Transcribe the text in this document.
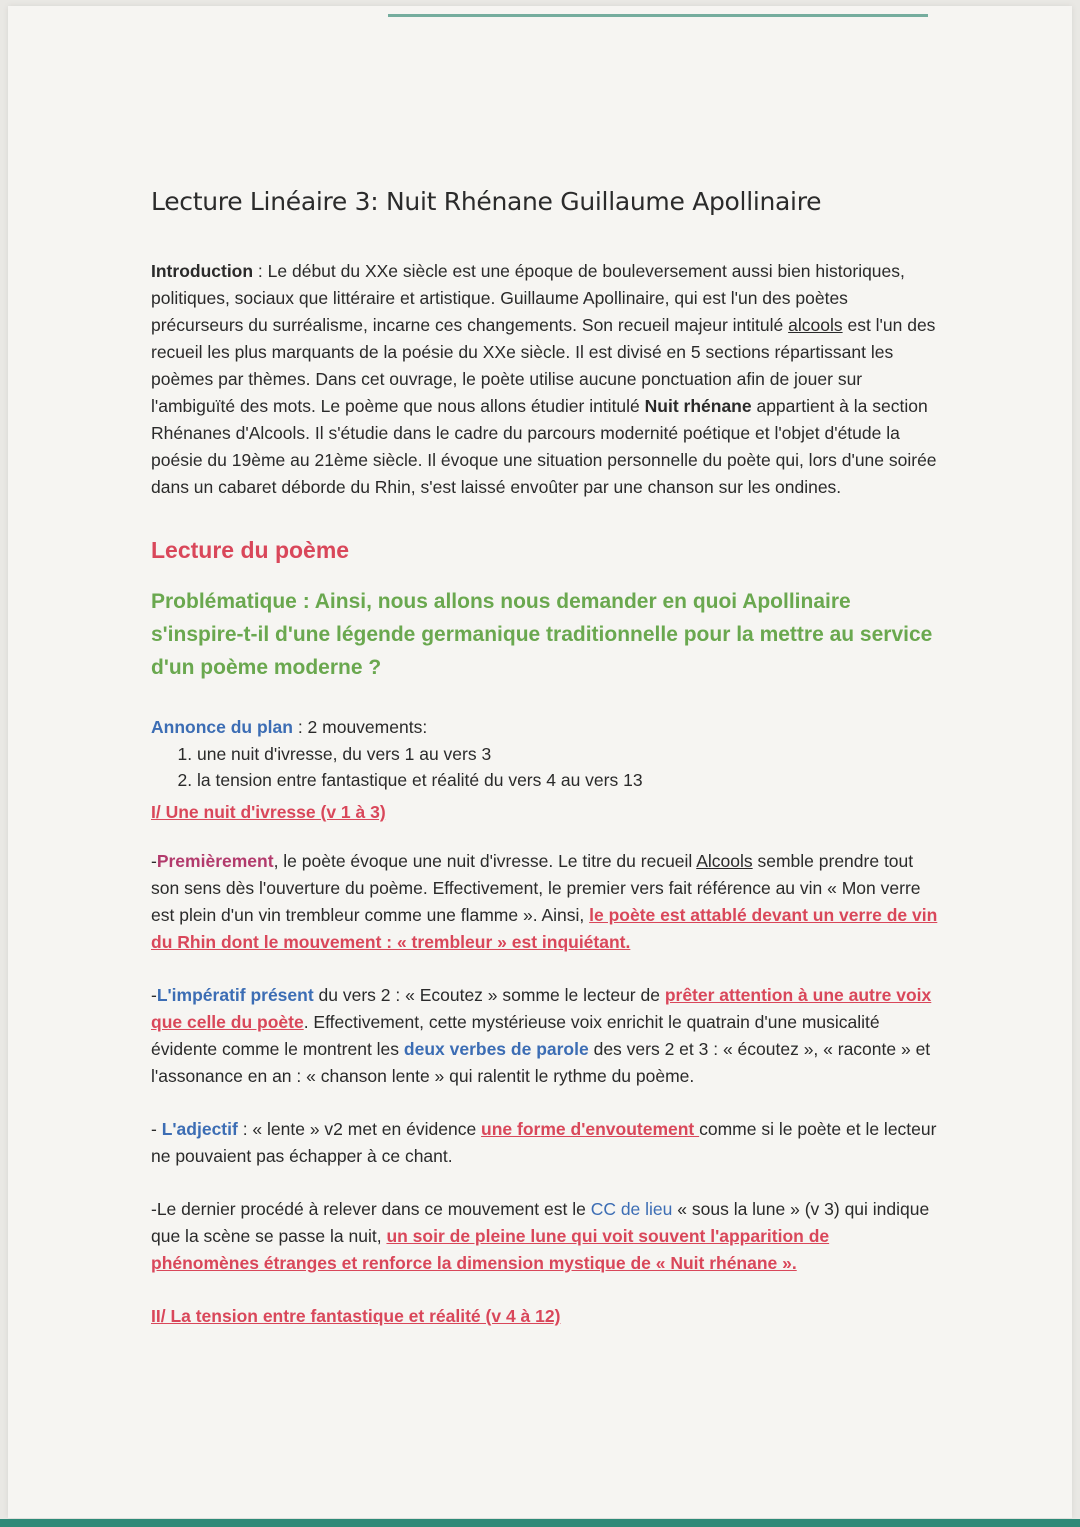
Lecture Linéaire 3: Nuit Rhénane Guillaume Apollinaire

Introduction : Le début du XXe siècle est une époque de bouleversement aussi bien historiques, politiques, sociaux que littéraire et artistique. Guillaume Apollinaire, qui est l'un des poètes précurseurs du surréalisme, incarne ces changements. Son recueil majeur intitulé alcools est l'un des recueil les plus marquants de la poésie du XXe siècle. Il est divisé en 5 sections répartissant les poèmes par thèmes. Dans cet ouvrage, le poète utilise aucune ponctuation afin de jouer sur l'ambiguïté des mots. Le poème que nous allons étudier intitulé Nuit rhénane appartient à la section Rhénanes d'Alcools. Il s'étudie dans le cadre du parcours modernité poétique et l'objet d'étude la poésie du 19ème au 21ème siècle. Il évoque une situation personnelle du poète qui, lors d'une soirée dans un cabaret déborde du Rhin, s'est laissé envoûter par une chanson sur les ondines.

Lecture du poème

Problématique : Ainsi, nous allons nous demander en quoi Apollinaire s'inspire-t-il d'une légende germanique traditionnelle pour la mettre au service d'un poème moderne ?

Annonce du plan : 2 mouvements:

1. une nuit d'ivresse, du vers 1 au vers 3
2. la tension entre fantastique et réalité du vers 4 au vers 13
I/ Une nuit d'ivresse (v 1 à 3)

-Premièrement, le poète évoque une nuit d'ivresse. Le titre du recueil Alcools semble prendre tout son sens dès l'ouverture du poème. Effectivement, le premier vers fait référence au vin « Mon verre est plein d'un vin trembleur comme une flamme ». Ainsi, le poète est attablé devant un verre de vin du Rhin dont le mouvement : « trembleur » est inquiétant.

-L'impératif présent du vers 2 : « Ecoutez » somme le lecteur de prêter attention à une autre voix que celle du poète. Effectivement, cette mystérieuse voix enrichit le quatrain d'une musicalité évidente comme le montrent les deux verbes de parole des vers 2 et 3 : « écoutez », « raconte » et l'assonance en an : « chanson lente » qui ralentit le rythme du poème.

- L'adjectif : « lente » v2 met en évidence une forme d'envoutement comme si le poète et le lecteur ne pouvaient pas échapper à ce chant.

-Le dernier procédé à relever dans ce mouvement est le CC de lieu « sous la lune » (v 3) qui indique que la scène se passe la nuit, un soir de pleine lune qui voit souvent l'apparition de phénomènes étranges et renforce la dimension mystique de « Nuit rhénane ».

II/ La tension entre fantastique et réalité (v 4 à 12)
